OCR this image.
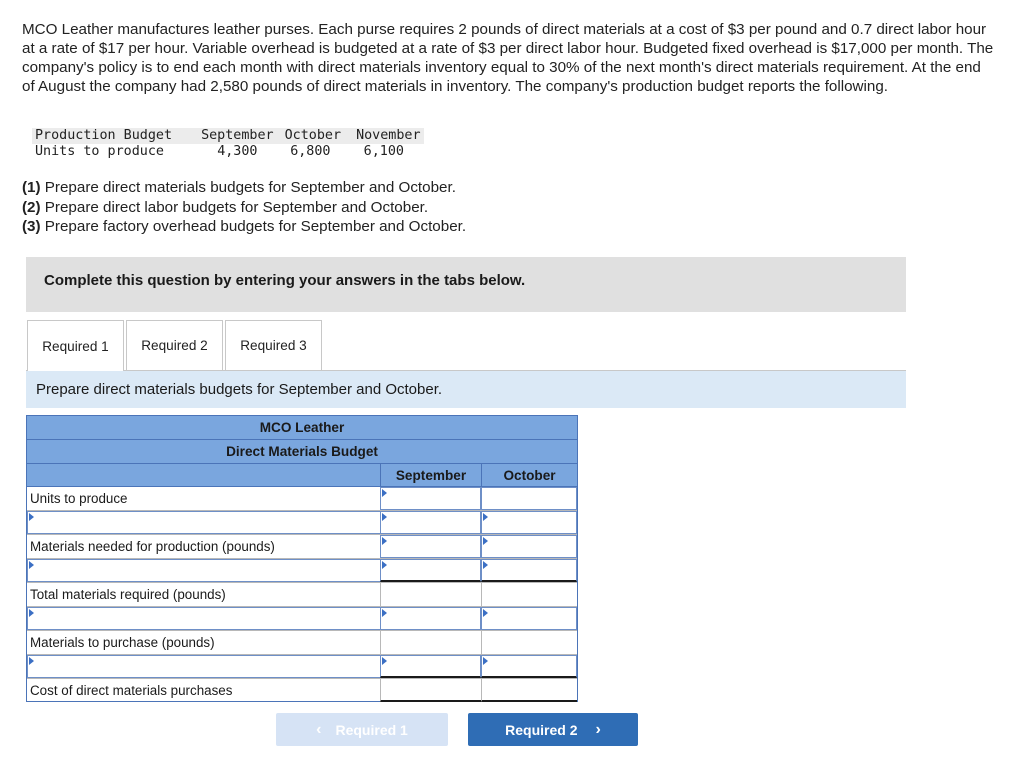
MCO Leather manufactures leather purses. Each purse requires 2 pounds of direct materials at a cost of $3 per pound and 0.7 direct labor hour at a rate of $17 per hour. Variable overhead is budgeted at a rate of $3 per direct labor hour. Budgeted fixed overhead is $17,000 per month. The company's policy is to end each month with direct materials inventory equal to 30% of the next month's direct materials requirement. At the end of August the company had 2,580 pounds of direct materials in inventory. The company's production budget reports the following.

Production Budget	September	October	November
Units to produce	4,300	6,800	6,100
(1) Prepare direct materials budgets for September and October.
(2) Prepare direct labor budgets for September and October.
(3) Prepare factory overhead budgets for September and October.
Complete this question by entering your answers in the tabs below.
Required 1	Required 2	Required 3
Prepare direct materials budgets for September and October.
MCO Leather
Direct Materials Budget
September	October
Units to produce
Materials needed for production (pounds)
Total materials required (pounds)
Materials to purchase (pounds)
Cost of direct materials purchases
‹ Required 1	Required 2 ›
